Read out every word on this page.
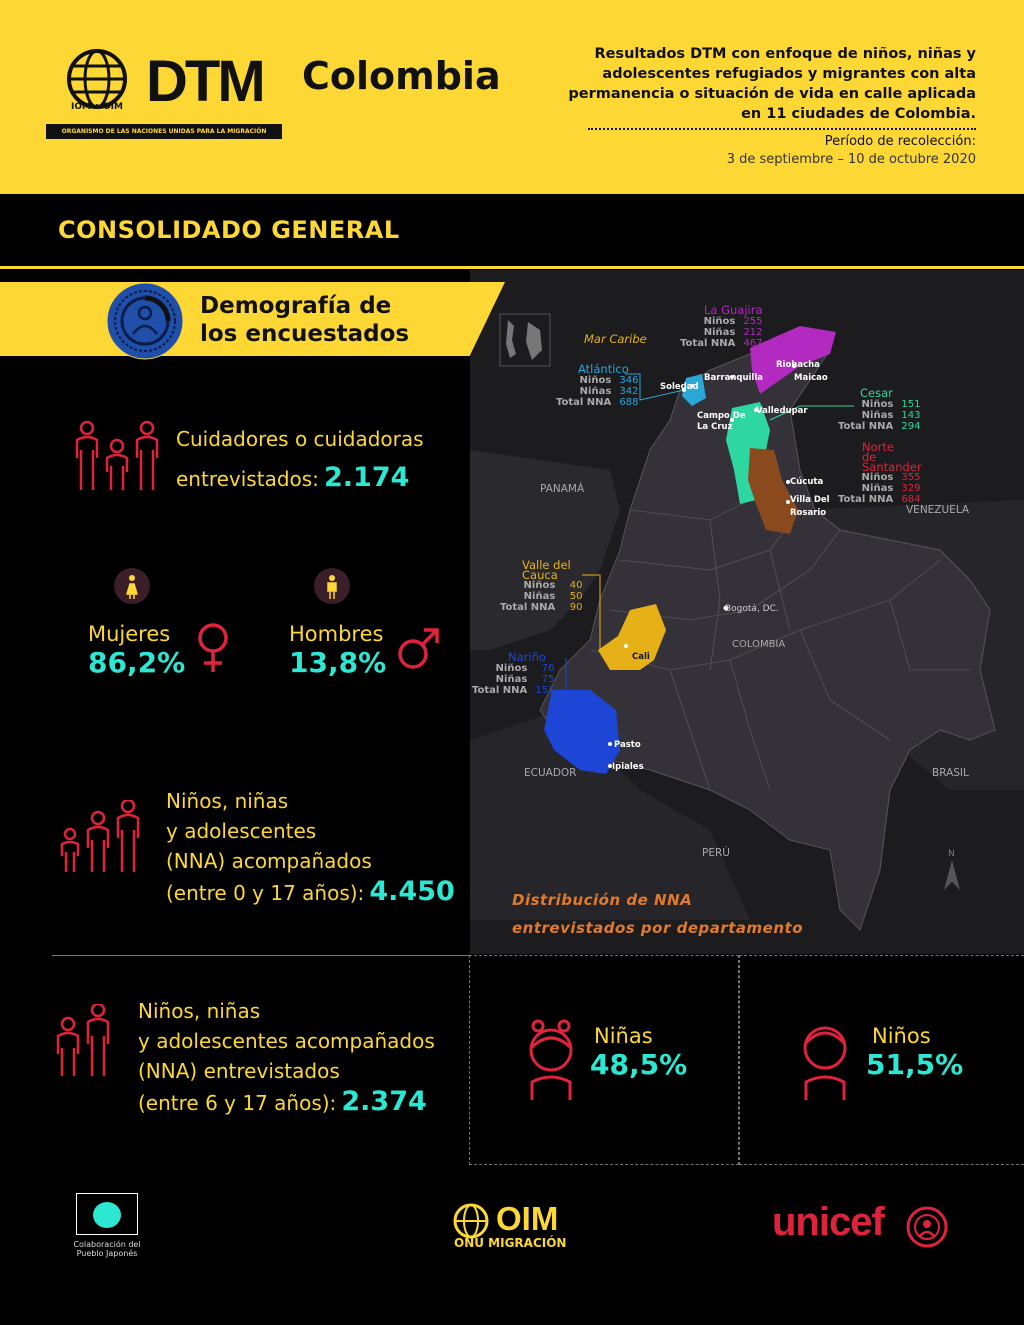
IOM • OIM DTM Colombia
ORGANISMO DE LAS NACIONES UNIDAS PARA LA MIGRACIÓN
Resultados DTM con enfoque de niños, niñas y adolescentes refugiados y migrantes con alta permanencia o situación de vida en calle aplicada en 11 ciudades de Colombia.
Período de recolección:
3 de septiembre – 10 de octubre 2020
CONSOLIDADO GENERAL
Mar Caribe
PANAMÁ
VENEZUELA
ECUADOR
PERÚ
BRASIL
COLOMBIA
N
Riohacha
Maicao
Barranquilla
Soledad
Valledupar
Campo De La Cruz
Cúcuta
Villa Del Rosario
Bogotá, DC.
Cali
Pasto
Ipiales
La Guajira
Niños 255
Niñas 212
Total NNA 467
Atlántico
Niños 346
Niñas 342
Total NNA 688
Cesar
Niños 151
Niñas 143
Total NNA 294
Norte de Santander
Niños 355
Niñas 329
Total NNA 684
Valle del Cauca
Niños 40
Niñas 50
Total NNA 90
Nariño
Niños 76
Niñas 75
Total NNA 151
Distribución de NNA
entrevistados por departamento
Demografía de
los encuestados
Cuidadores o cuidadoras
entrevistados: 2.174
Mujeres
86,2%
Hombres
13,8%
Niños, niñas
y adolescentes
(NNA) acompañados
(entre 0 y 17 años): 4.450
Niños, niñas
y adolescentes acompañados
(NNA) entrevistados
(entre 6 y 17 años): 2.374
Niñas
48,5%
Niños
51,5%
Colaboración del Pueblo Japonés
OIM
ONU MIGRACIÓN	unicef
